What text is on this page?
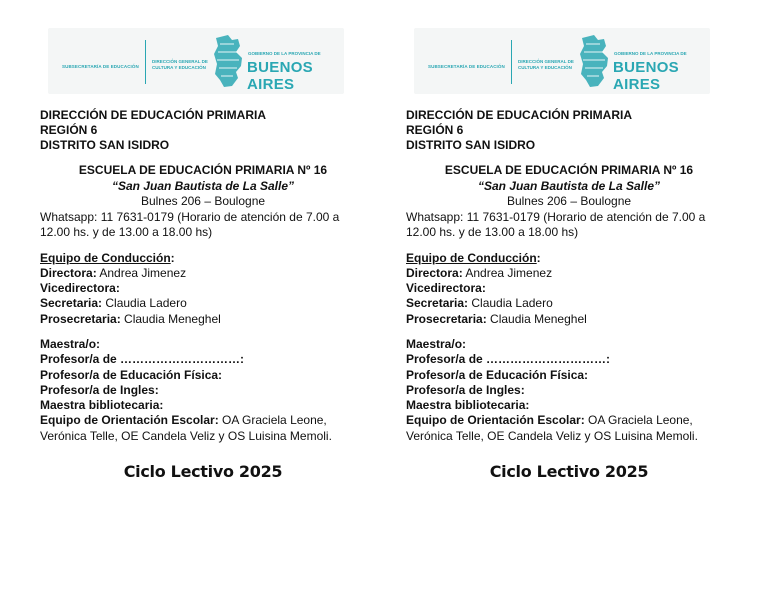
SUBSECRETARÍA DE EDUCACIÓN
DIRECCIÓN GENERAL DE
CULTURA Y EDUCACIÓN
GOBIERNO DE LA PROVINCIA DE
BUENOS AIRES
DIRECCIÓN DE EDUCACIÓN PRIMARIA
REGIÓN 6
DISTRITO SAN ISIDRO
ESCUELA DE EDUCACIÓN PRIMARIA Nº 16
“San Juan Bautista de La Salle”
Bulnes 206 – Boulogne
Whatsapp: 11 7631-0179 (Horario de atención de 7.00 a 12.00 hs. y de 13.00 a 18.00 hs)
Equipo de Conducción:
Directora: Andrea Jimenez
Vicedirectora:
Secretaria: Claudia Ladero
Prosecretaria: Claudia Meneghel
Maestra/o:
Profesor/a de …………………………:
Profesor/a de Educación Física:
Profesor/a de Ingles:
Maestra bibliotecaria:
Equipo de Orientación Escolar: OA Graciela Leone, Verónica Telle, OE Candela Veliz y OS Luisina Memoli.
Ciclo Lectivo 2025
SUBSECRETARÍA DE EDUCACIÓN
DIRECCIÓN GENERAL DE
CULTURA Y EDUCACIÓN
GOBIERNO DE LA PROVINCIA DE
BUENOS AIRES
DIRECCIÓN DE EDUCACIÓN PRIMARIA
REGIÓN 6
DISTRITO SAN ISIDRO
ESCUELA DE EDUCACIÓN PRIMARIA Nº 16
“San Juan Bautista de La Salle”
Bulnes 206 – Boulogne
Whatsapp: 11 7631-0179 (Horario de atención de 7.00 a 12.00 hs. y de 13.00 a 18.00 hs)
Equipo de Conducción:
Directora: Andrea Jimenez
Vicedirectora:
Secretaria: Claudia Ladero
Prosecretaria: Claudia Meneghel
Maestra/o:
Profesor/a de …………………………:
Profesor/a de Educación Física:
Profesor/a de Ingles:
Maestra bibliotecaria:
Equipo de Orientación Escolar: OA Graciela Leone, Verónica Telle, OE Candela Veliz y OS Luisina Memoli.
Ciclo Lectivo 2025
